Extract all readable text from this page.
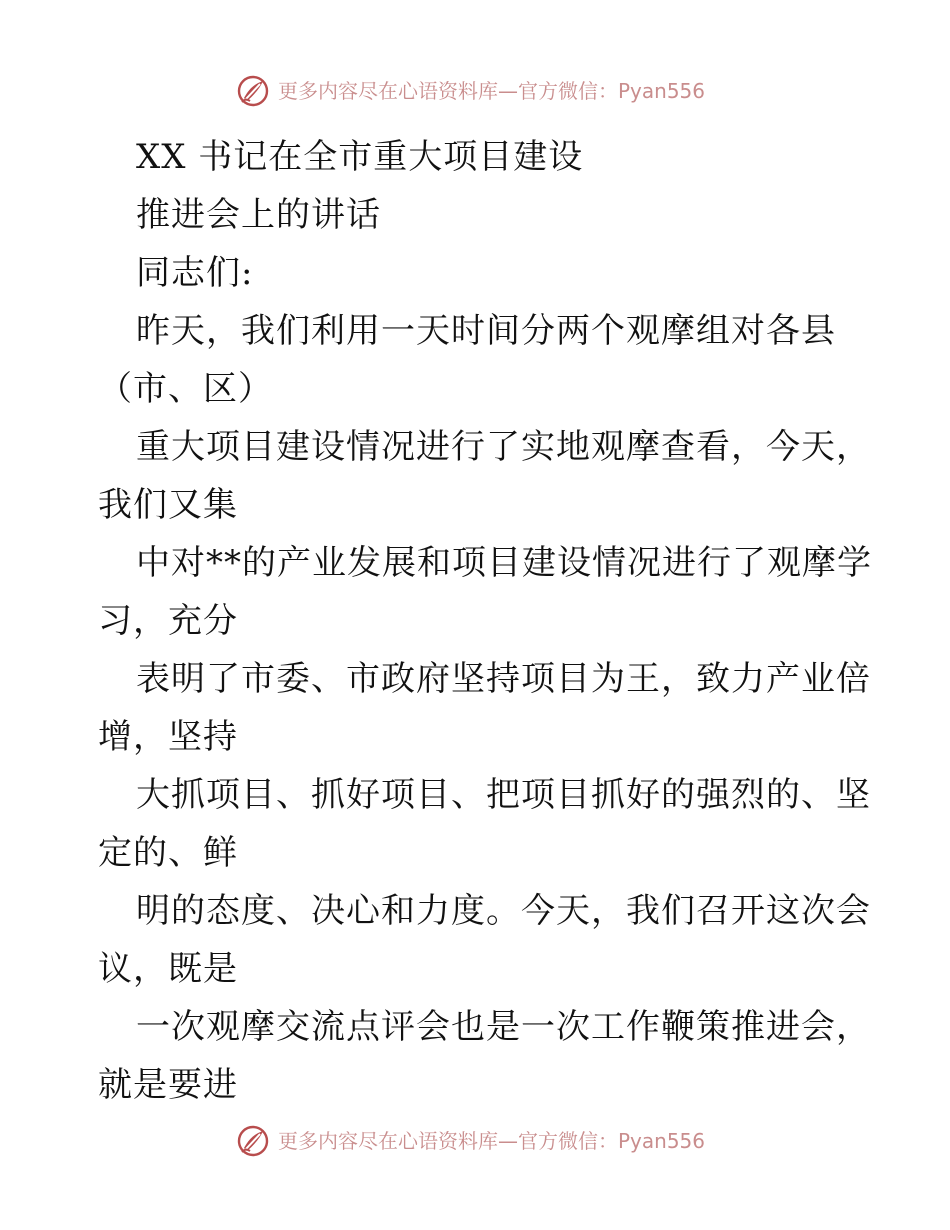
更多内容尽在心语资料库—官方微信：Pyan556
XX 书记在全市重大项目建设
推进会上的讲话
同志们:
昨天，我们利用一天时间分两个观摩组对各县
（市、区）
重大项目建设情况进行了实地观摩查看，今天，
我们又集
中对**的产业发展和项目建设情况进行了观摩学
习，充分
表明了市委、市政府坚持项目为王，致力产业倍
增，坚持
大抓项目、抓好项目、把项目抓好的强烈的、坚
定的、鲜
明的态度、决心和力度。今天，我们召开这次会
议，既是
一次观摩交流点评会也是一次工作鞭策推进会，
就是要进
更多内容尽在心语资料库—官方微信：Pyan556
